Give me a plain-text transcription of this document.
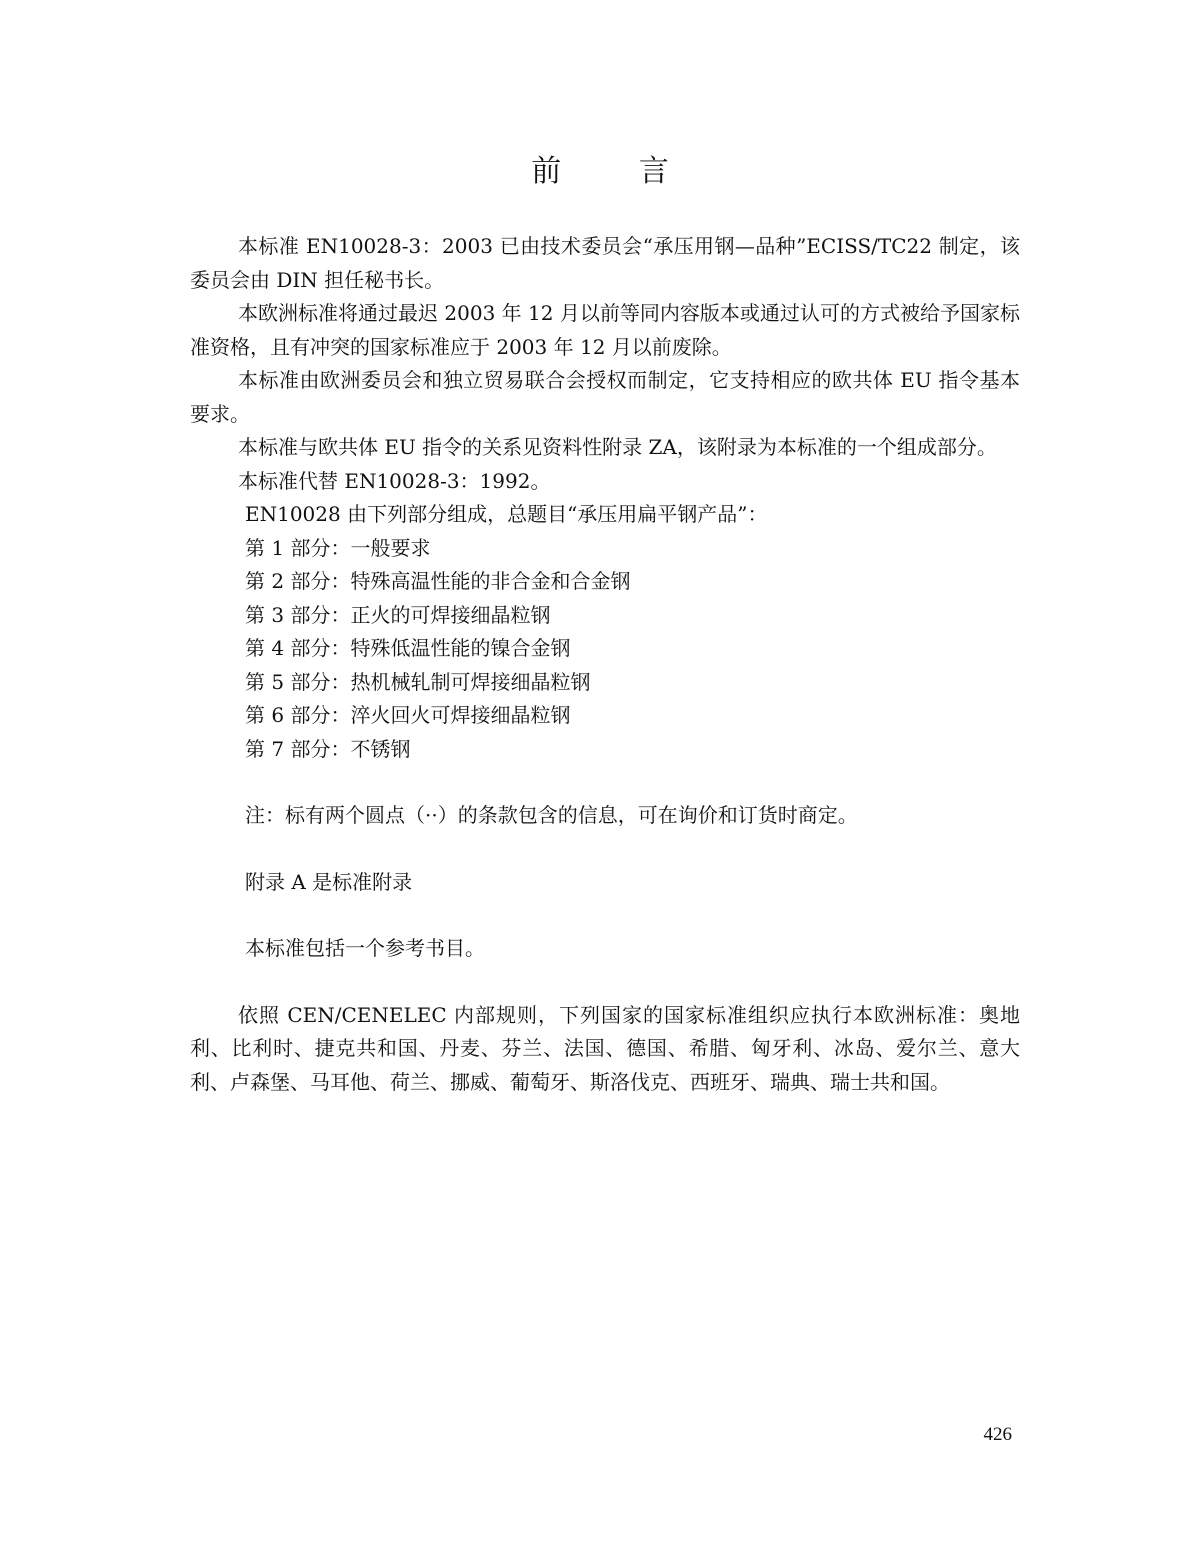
前 言

本标准 EN10028-3：2003 已由技术委员会“承压用钢—品种”ECISS/TC22 制定，该委员会由 DIN 担任秘书长。

本欧洲标准将通过最迟 2003 年 12 月以前等同内容版本或通过认可的方式被给予国家标准资格，且有冲突的国家标准应于 2003 年 12 月以前废除。

本标准由欧洲委员会和独立贸易联合会授权而制定，它支持相应的欧共体 EU 指令基本要求。

本标准与欧共体 EU 指令的关系见资料性附录 ZA，该附录为本标准的一个组成部分。

本标准代替 EN10028-3：1992。

EN10028 由下列部分组成，总题目“承压用扁平钢产品”：

第 1 部分：一般要求

第 2 部分：特殊高温性能的非合金和合金钢

第 3 部分：正火的可焊接细晶粒钢

第 4 部分：特殊低温性能的镍合金钢

第 5 部分：热机械轧制可焊接细晶粒钢

第 6 部分：淬火回火可焊接细晶粒钢

第 7 部分：不锈钢

注：标有两个圆点（··）的条款包含的信息，可在询价和订货时商定。

附录 A 是标准附录

本标准包括一个参考书目。

依照 CEN/CENELEC 内部规则，下列国家的国家标准组织应执行本欧洲标准：奥地利、比利时、捷克共和国、丹麦、芬兰、法国、德国、希腊、匈牙利、冰岛、爱尔兰、意大利、卢森堡、马耳他、荷兰、挪威、葡萄牙、斯洛伐克、西班牙、瑞典、瑞士共和国。

426
